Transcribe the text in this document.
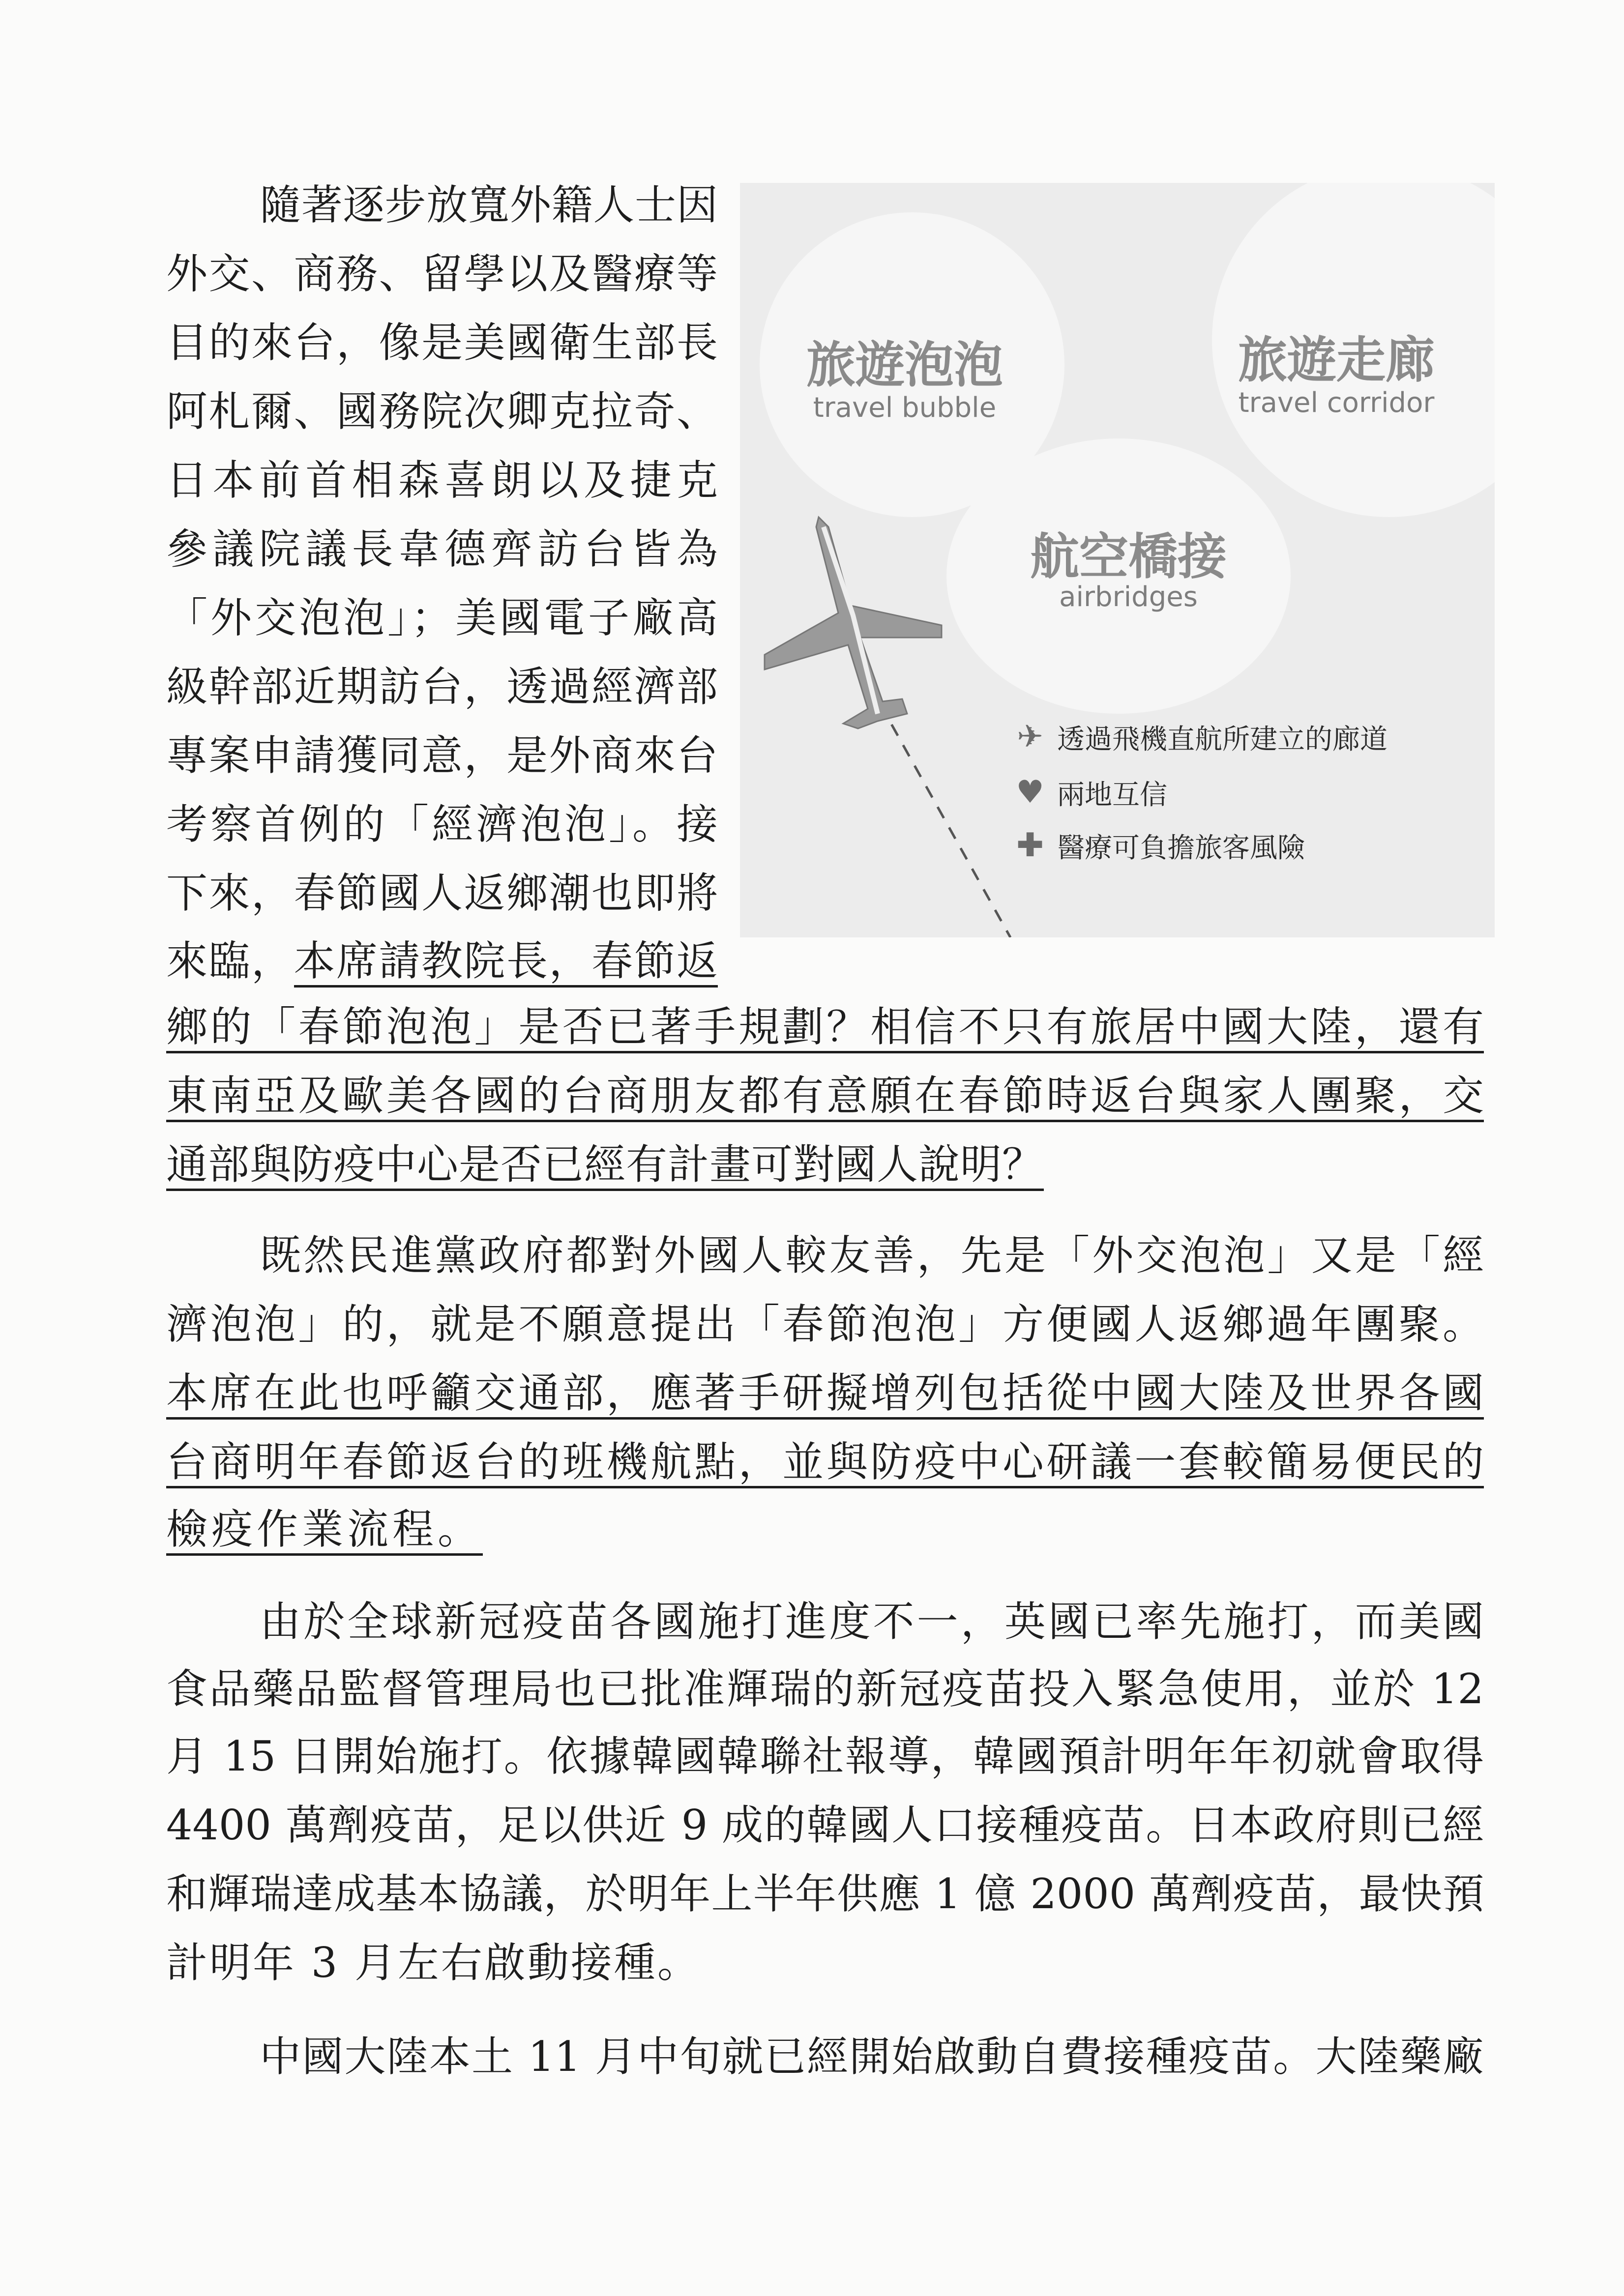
隨著逐步放寬外籍人士因
外交、商務、留學以及醫療等
目的來台，像是美國衛生部長
阿札爾、國務院次卿克拉奇、
日本前首相森喜朗以及捷克
參議院議長韋德齊訪台皆為
「外交泡泡」；美國電子廠高
級幹部近期訪台，透過經濟部
專案申請獲同意，是外商來台
考察首例的「經濟泡泡」。接
下來，春節國人返鄉潮也即將
來臨，本席請教院長，春節返
鄉的「春節泡泡」是否已著手規劃？相信不只有旅居中國大陸，還有
東南亞及歐美各國的台商朋友都有意願在春節時返台與家人團聚，交
通部與防疫中心是否已經有計畫可對國人說明？
既然民進黨政府都對外國人較友善，先是「外交泡泡」又是「經
濟泡泡」的，就是不願意提出「春節泡泡」方便國人返鄉過年團聚。
本席在此也呼籲交通部，應著手研擬增列包括從中國大陸及世界各國
台商明年春節返台的班機航點，並與防疫中心研議一套較簡易便民的
檢疫作業流程。
由於全球新冠疫苗各國施打進度不一，英國已率先施打，而美國
食品藥品監督管理局也已批准輝瑞的新冠疫苗投入緊急使用，並於 12
月 15 日開始施打。依據韓國韓聯社報導，韓國預計明年年初就會取得
4400 萬劑疫苗，足以供近 9 成的韓國人口接種疫苗。日本政府則已經
和輝瑞達成基本協議，於明年上半年供應 1 億 2000 萬劑疫苗，最快預
計明年 3 月左右啟動接種。
中國大陸本土 11 月中旬就已經開始啟動自費接種疫苗。大陸藥廠
旅遊泡泡
travel bubble
旅遊走廊
travel corridor
航空橋接
airbridges
✈ 透過飛機直航所建立的廊道
♥ 兩地互信
✚ 醫療可負擔旅客風險
